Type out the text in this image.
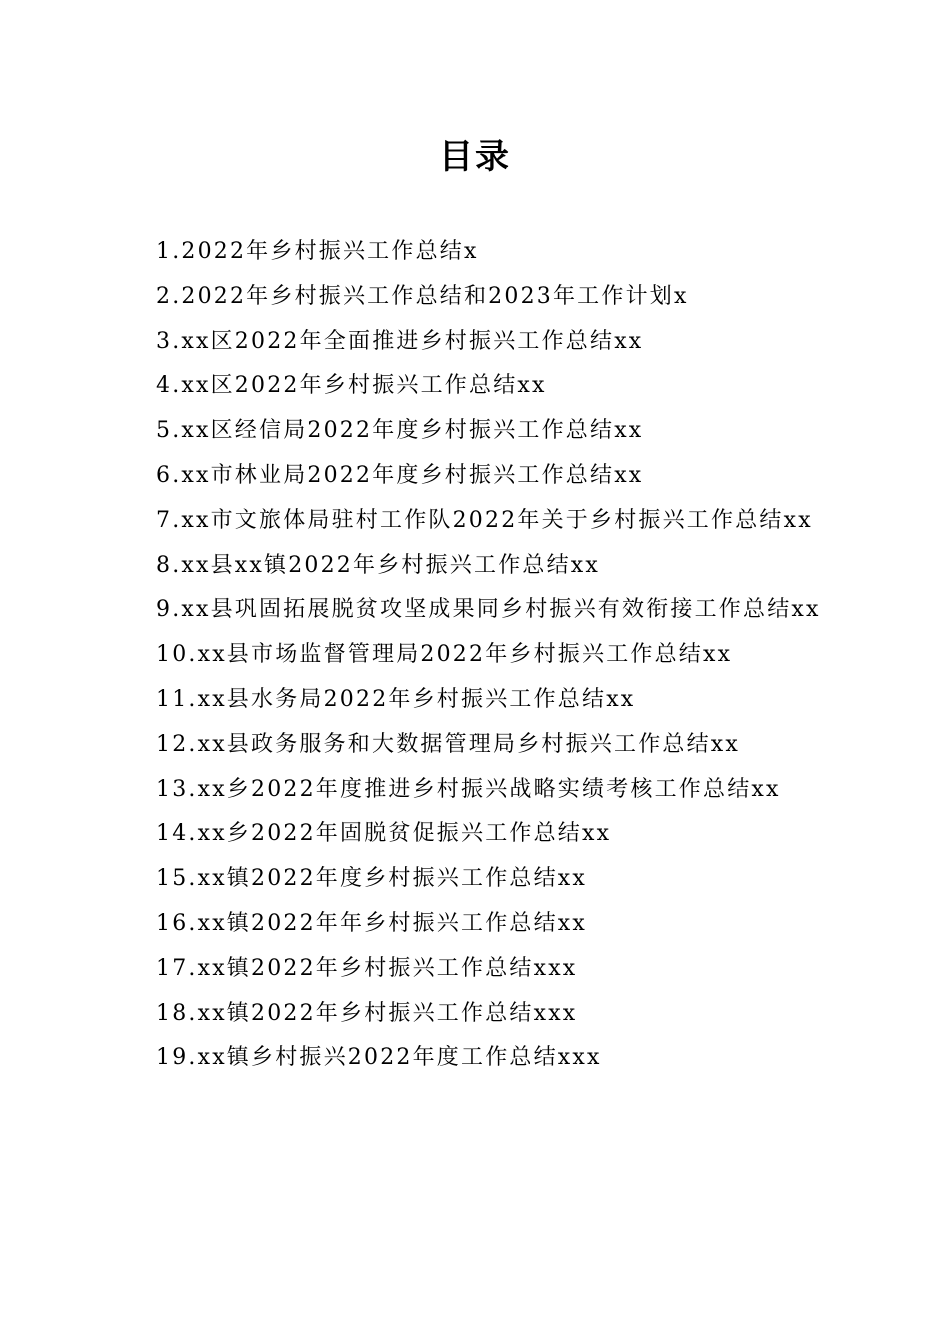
目录
1.2022年乡村振兴工作总结x
2.2022年乡村振兴工作总结和2023年工作计划x
3.xx区2022年全面推进乡村振兴工作总结xx
4.xx区2022年乡村振兴工作总结xx
5.xx区经信局2022年度乡村振兴工作总结xx
6.xx市林业局2022年度乡村振兴工作总结xx
7.xx市文旅体局驻村工作队2022年关于乡村振兴工作总结xx
8.xx县xx镇2022年乡村振兴工作总结xx
9.xx县巩固拓展脱贫攻坚成果同乡村振兴有效衔接工作总结xx
10.xx县市场监督管理局2022年乡村振兴工作总结xx
11.xx县水务局2022年乡村振兴工作总结xx
12.xx县政务服务和大数据管理局乡村振兴工作总结xx
13.xx乡2022年度推进乡村振兴战略实绩考核工作总结xx
14.xx乡2022年固脱贫促振兴工作总结xx
15.xx镇2022年度乡村振兴工作总结xx
16.xx镇2022年年乡村振兴工作总结xx
17.xx镇2022年乡村振兴工作总结xxx
18.xx镇2022年乡村振兴工作总结xxx
19.xx镇乡村振兴2022年度工作总结xxx
